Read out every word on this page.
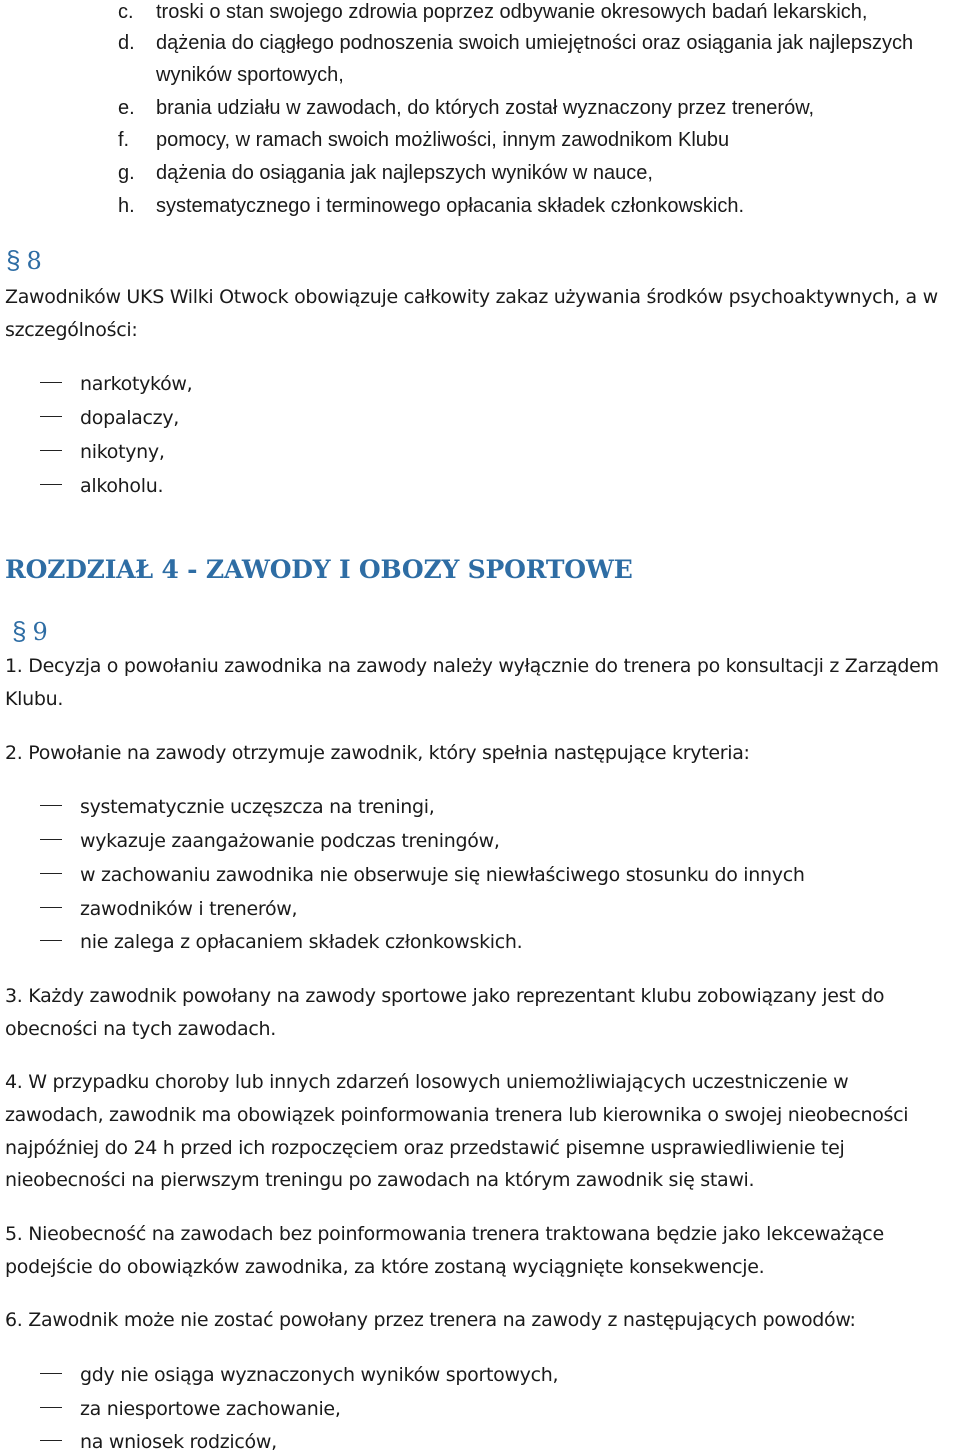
c. troski o stan swojego zdrowia poprzez odbywanie okresowych badań lekarskich,
d. dążenia do ciągłego podnoszenia swoich umiejętności oraz osiągania jak najlepszych
wyników sportowych,
e. brania udziału w zawodach, do których został wyznaczony przez trenerów,
f. pomocy, w ramach swoich możliwości, innym zawodnikom Klubu
g. dążenia do osiągania jak najlepszych wyników w nauce,
h. systematycznego i terminowego opłacania składek członkowskich.
§ 8
Zawodników UKS Wilki Otwock obowiązuje całkowity zakaz używania środków psychoaktywnych, a w
szczególności:
narkotyków,
dopalaczy,
nikotyny,
alkoholu.
ROZDZIAŁ 4 - ZAWODY I OBOZY SPORTOWE
§ 9
1. Decyzja o powołaniu zawodnika na zawody należy wyłącznie do trenera po konsultacji z Zarządem
Klubu.
2. Powołanie na zawody otrzymuje zawodnik, który spełnia następujące kryteria:
systematycznie uczęszcza na treningi,
wykazuje zaangażowanie podczas treningów,
w zachowaniu zawodnika nie obserwuje się niewłaściwego stosunku do innych
zawodników i trenerów,
nie zalega z opłacaniem składek członkowskich.
3. Każdy zawodnik powołany na zawody sportowe jako reprezentant klubu zobowiązany jest do
obecności na tych zawodach.
4. W przypadku choroby lub innych zdarzeń losowych uniemożliwiających uczestniczenie w
zawodach, zawodnik ma obowiązek poinformowania trenera lub kierownika o swojej nieobecności
najpóźniej do 24 h przed ich rozpoczęciem oraz przedstawić pisemne usprawiedliwienie tej
nieobecności na pierwszym treningu po zawodach na którym zawodnik się stawi.
5. Nieobecność na zawodach bez poinformowania trenera traktowana będzie jako lekceważące
podejście do obowiązków zawodnika, za które zostaną wyciągnięte konsekwencje.
6. Zawodnik może nie zostać powołany przez trenera na zawody z następujących powodów:
gdy nie osiąga wyznaczonych wyników sportowych,
za niesportowe zachowanie,
na wniosek rodziców,
